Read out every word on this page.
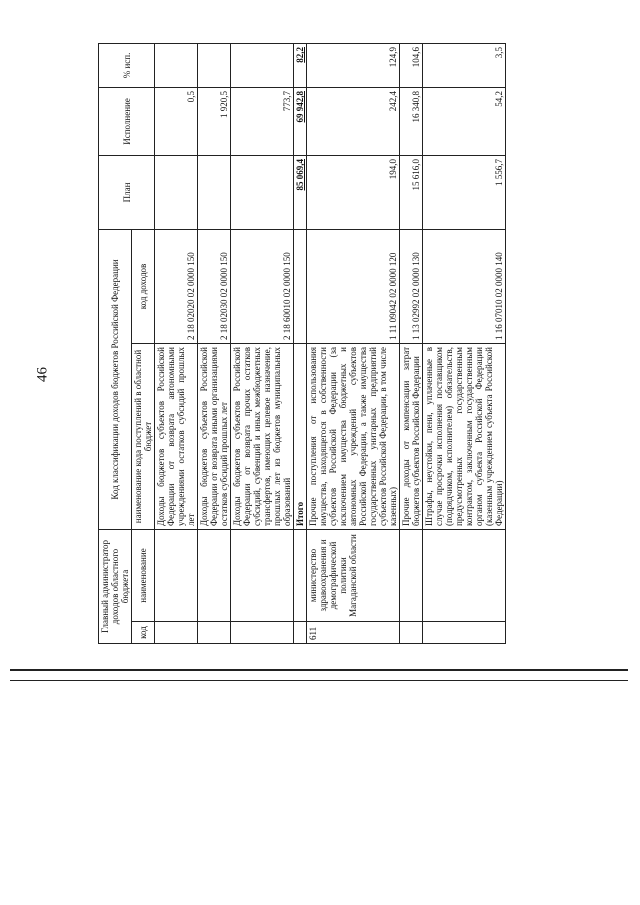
46
Главный администратор доходов областного бюджета		Код классификации доходов бюджетов Российской Федерации		План	Исполнение	% исп.
код	наименование	наименование кода поступлений в областной бюджет	код доходов			
		Доходы бюджетов субъектов Российской Федерации от возврата автономными учреждениями остатков субсидий прошлых лет	2 18 02020 02 0000 150		0,5	
		Доходы бюджетов субъектов Российской Федерации от возврата иными организациями остатков субсидий прошлых лет	2 18 02030 02 0000 150		1 920,5	
		Доходы бюджетов субъектов Российской Федерации от возврата прочих остатков субсидий, субвенций и иных межбюджетных трансфертов, имеющих целевое назначение, прошлых лет из бюджетов муниципальных образований	2 18 60010 02 0000 150		773,7	
		Итого		85 069,4	69 942,8	82,2
611	министерство здравоохранения и демографической политики Магаданской области	Прочие поступления от использования имущества, находящегося в собственности субъектов Российской Федерации (за исключением имущества бюджетных и автономных учреждений субъектов Российской Федерации, а также имущества государственных унитарных предприятий субъектов Российской Федерации, в том числе казенных)	1 11 09042 02 0000 120	194,0	242,4	124,9
		Прочие доходы от компенсации затрат бюджетов субъектов Российской Федерации	1 13 02992 02 0000 130	15 616,0	16 340,8	104,6
		Штрафы, неустойки, пени, уплаченные в случае просрочки исполнения поставщиком (подрядчиком, исполнителем) обязательств, предусмотренных государственным контрактом, заключенным государственным органом субъекта Российской Федерации (казенным учреждением субъекта Российской Федерации)	1 16 07010 02 0000 140	1 556,7	54,2	3,5
